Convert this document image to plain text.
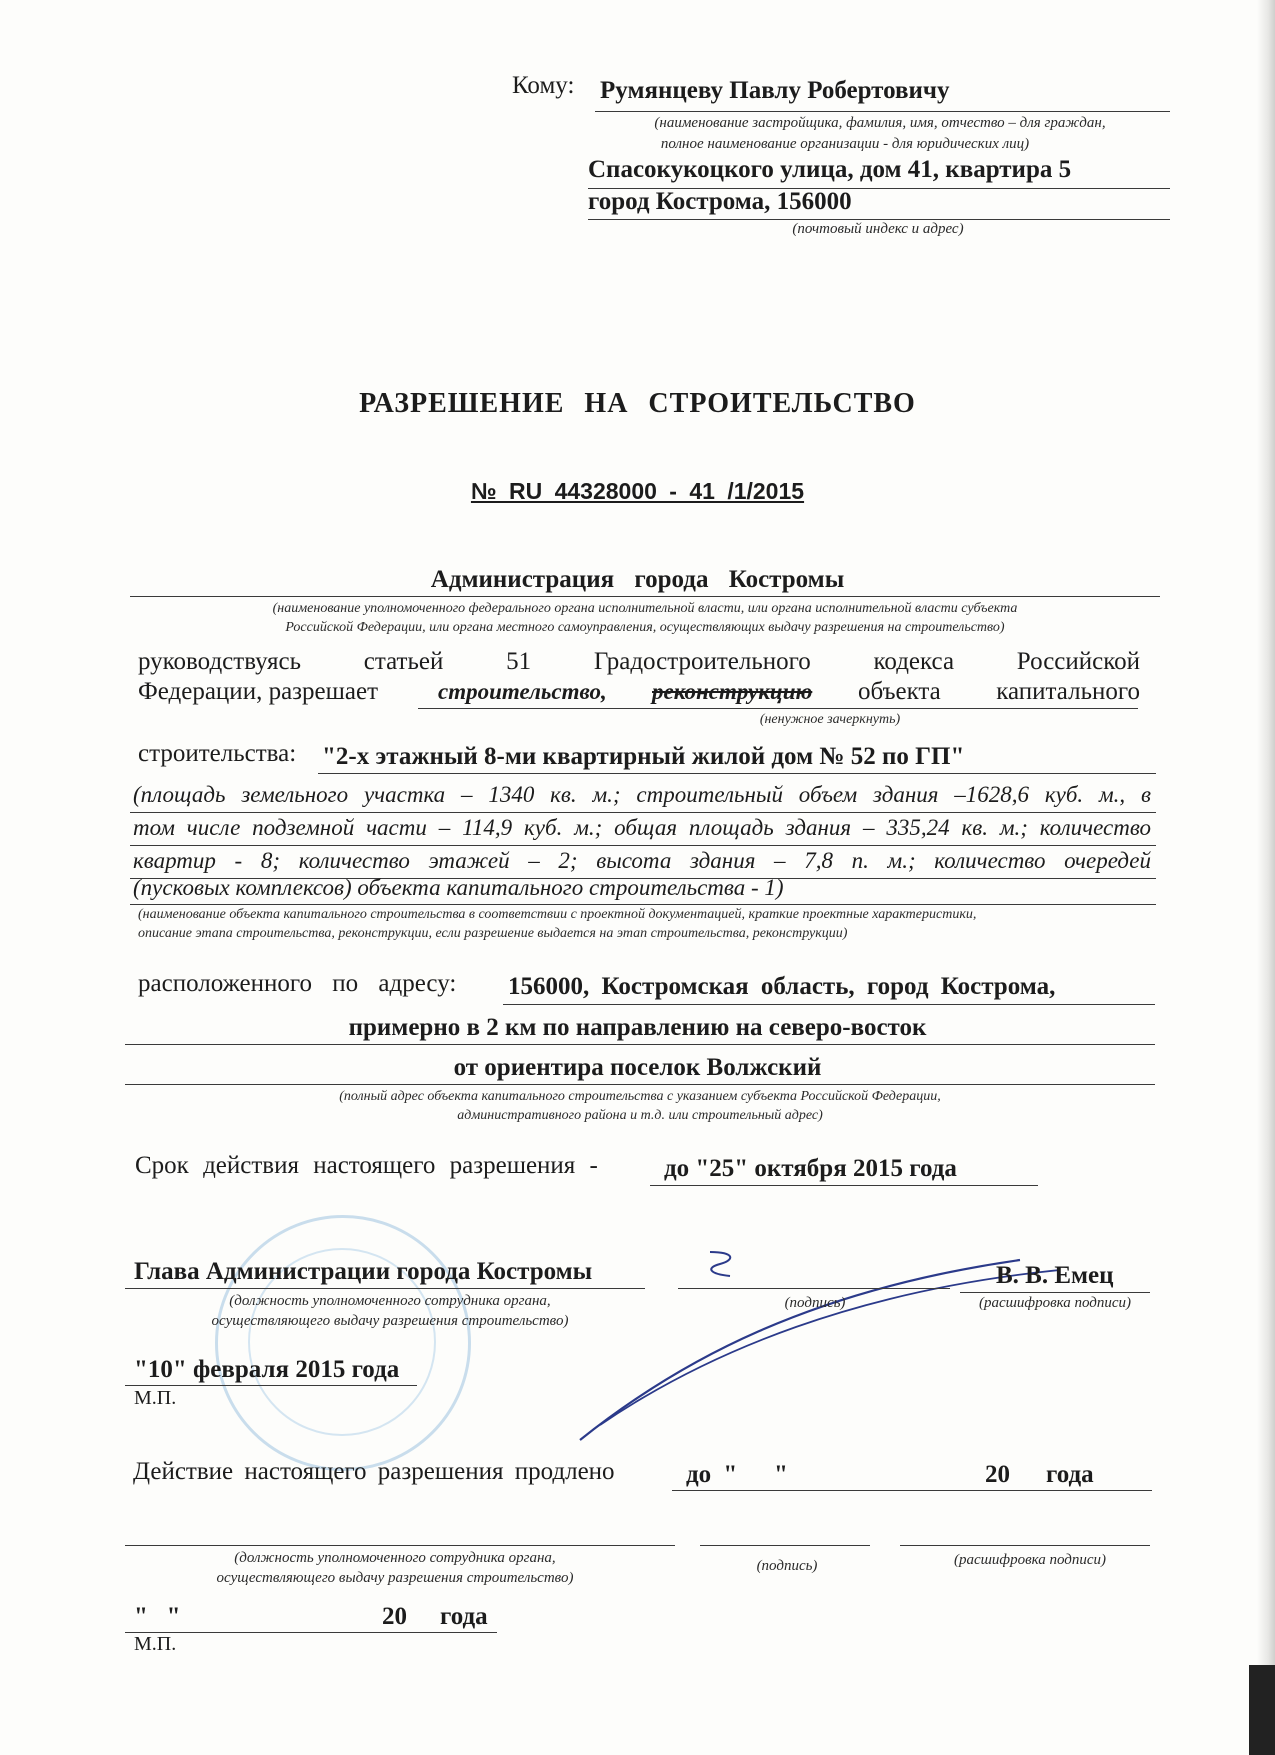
Кому: Румянцеву Павлу Робертовичу
(наименование застройщика, фамилия, имя, отчество – для граждан,
полное наименование организации - для юридических лиц)
Спасокукоцкого улица, дом 41, квартира 5
город Кострома, 156000
(почтовый индекс и адрес)
РАЗРЕШЕНИЕ НА СТРОИТЕЛЬСТВО
№ RU 44328000 - 41 /1/2015
Администрация города Костромы
(наименование уполномоченного федерального органа исполнительной власти, или органа исполнительной власти субъекта
Российской Федерации, или органа местного самоуправления, осуществляющих выдачу разрешения на строительство)
руководствуясь статьей 51 Градостроительного кодекса Российской
Федерации, разрешает	строительство, реконструкцию объекта капитального
(ненужное зачеркнуть)
строительства: "2-х этажный 8-ми квартирный жилой дом № 52 по ГП"
(площадь земельного участка – 1340 кв. м.; строительный объем здания –1628,6 куб. м., в
том числе подземной части – 114,9 куб. м.; общая площадь здания – 335,24 кв. м.; количество
квартир - 8; количество этажей – 2; высота здания – 7,8 п. м.; количество очередей
(пусковых комплексов) объекта капитального строительства - 1)
(наименование объекта капитального строительства в соответствии с проектной документацией, краткие проектные характеристики,
описание этапа строительства, реконструкции, если разрешение выдается на этап строительства, реконструкции)
расположенного по адресу: 156000, Костромская область, город Кострома,
примерно в 2 км по направлению на северо-восток
от ориентира поселок Волжский
(полный адрес объекта капитального строительства с указанием субъекта Российской Федерации,
административного района и т.д. или строительный адрес)
Срок действия настоящего разрешения -	до "25" октября 2015 года
Глава Администрации города Костромы	В. В. Емец
(должность уполномоченного сотрудника органа,
осуществляющего выдачу разрешения строительство)
(подпись)	(расшифровка подписи)
"10" февраля 2015 года
М.П.
Действие настоящего разрешения продлено	до "   "	20 года
(должность уполномоченного сотрудника органа,
осуществляющего выдачу разрешения строительство)
(подпись)	(расшифровка подписи)
"   "	20 года
М.П.
